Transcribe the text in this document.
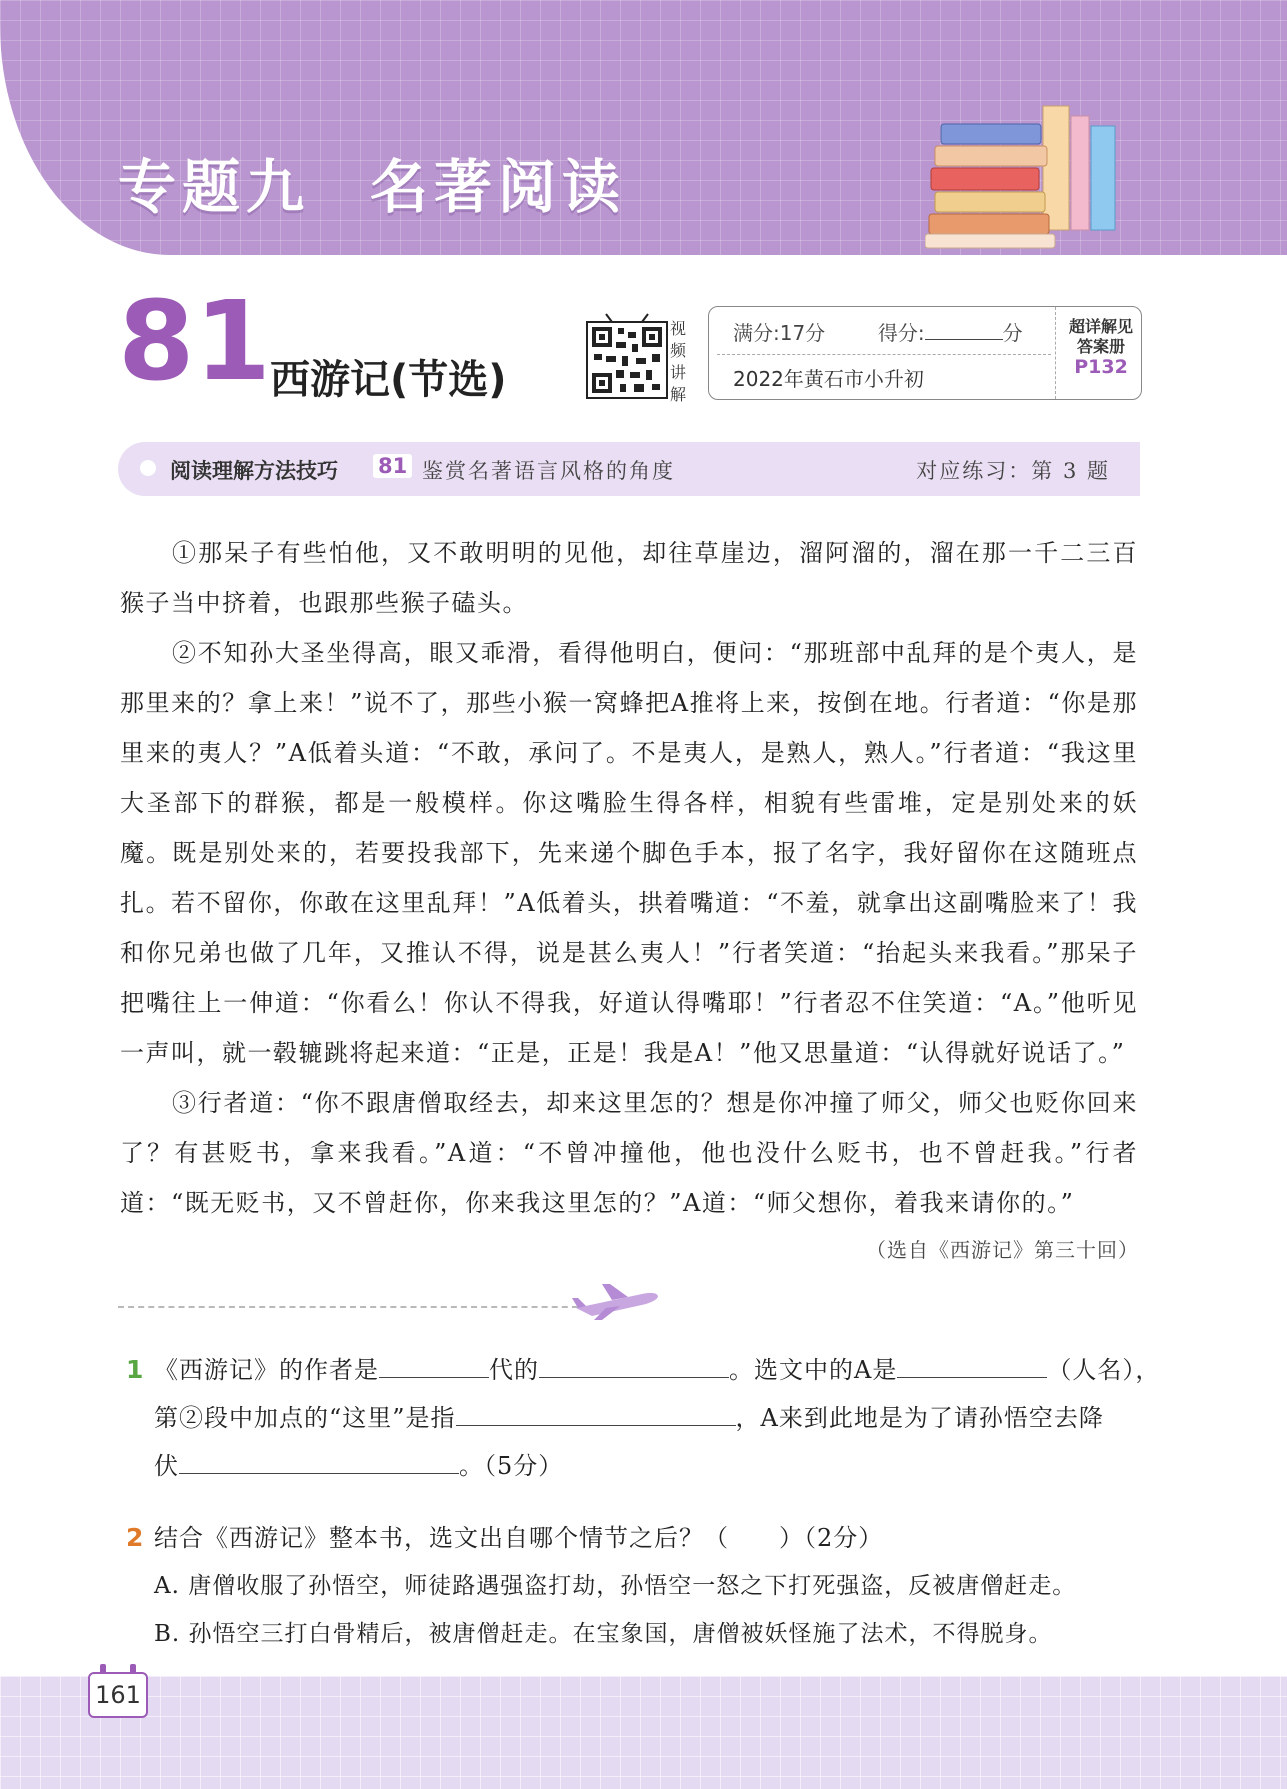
专题九 名著阅读
81
西游记(节选)
视
频
讲
解
满分:17分	得分:	分
2022年黄石市小升初
超详解见
答案册
P132
阅读理解方法技巧 81 鉴赏名著语言风格的角度	对应练习：第 3 题

①那呆子有些怕他，又不敢明明的见他，却往草崖边，溜阿溜的，溜在那一千二三百猴子当中挤着，也跟那些猴子磕头。

②不知孙大圣坐得高，眼又乖滑，看得他明白，便问：“那班部中乱拜的是个夷人，是那里来的？拿上来！”说不了，那些小猴一窝蜂把A推将上来，按倒在地。行者道：“你是那里来的夷人？”A低着头道：“不敢，承问了。不是夷人，是熟人，熟人。”行者道：“我这里大圣部下的群猴，都是一般模样。你这嘴脸生得各样，相貌有些雷堆，定是别处来的妖魔。既是别处来的，若要投我部下，先来递个脚色手本，报了名字，我好留你在这随班点扎。若不留你，你敢在这里乱拜！”A低着头，拱着嘴道：“不羞，就拿出这副嘴脸来了！我和你兄弟也做了几年，又推认不得，说是甚么夷人！”行者笑道：“抬起头来我看。”那呆子把嘴往上一伸道：“你看么！你认不得我，好道认得嘴耶！”行者忍不住笑道：“A。”他听见一声叫，就一毂辘跳将起来道：“正是，正是！我是A！”他又思量道：“认得就好说话了。”

③行者道：“你不跟唐僧取经去，却来这里怎的？想是你冲撞了师父，师父也贬你回来了？有甚贬书，拿来我看。”A道：“不曾冲撞他，他也没什么贬书，也不曾赶我。”行者道：“既无贬书，又不曾赶你，你来我这里怎的？”A道：“师父想你，着我来请你的。”

（选自《西游记》第三十回）
1 《西游记》的作者是	代的	。选文中的A是	（人名），
第②段中加点的“这里”是指	，A来到此地是为了请孙悟空去降
伏	。（5分）
2 结合《西游记》整本书，选文出自哪个情节之后？（　　）（2分）
A. 唐僧收服了孙悟空，师徒路遇强盗打劫，孙悟空一怒之下打死强盗，反被唐僧赶走。
B. 孙悟空三打白骨精后，被唐僧赶走。在宝象国，唐僧被妖怪施了法术，不得脱身。
161
